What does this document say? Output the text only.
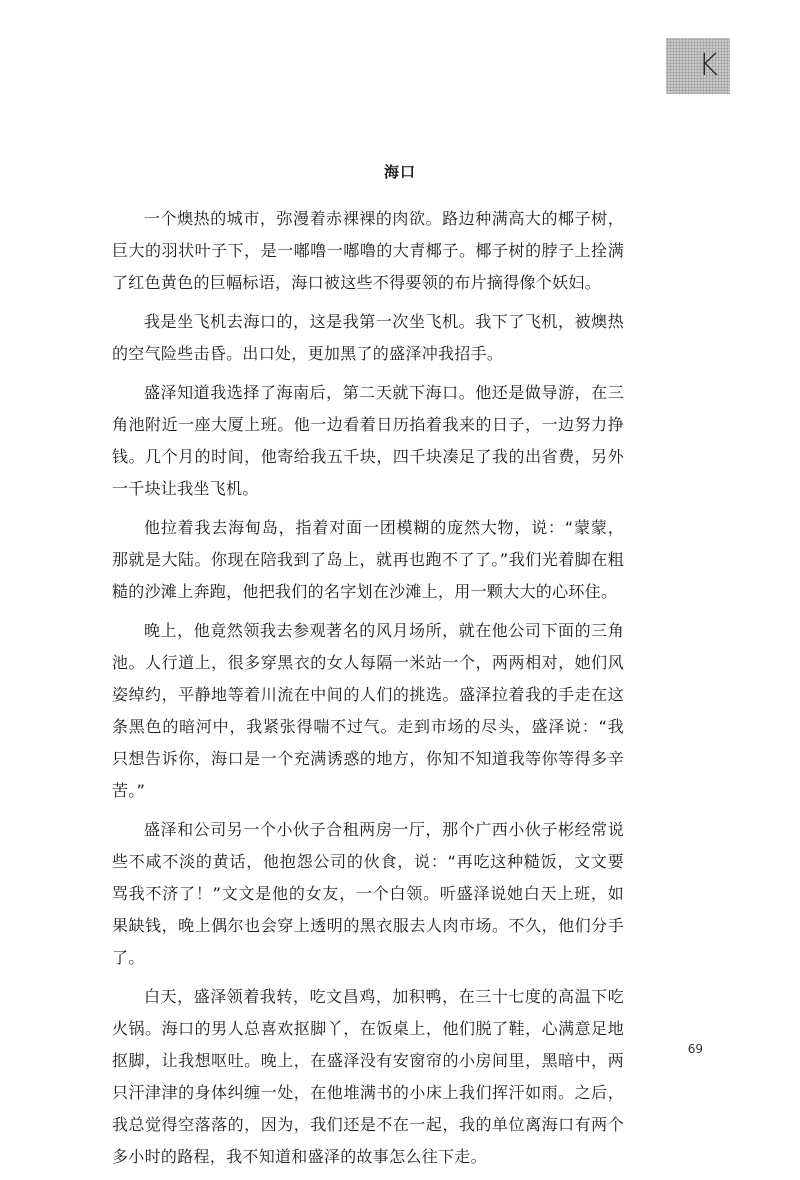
K
海口

一个燠热的城市，弥漫着赤裸裸的肉欲。路边种满高大的椰子树，巨大的羽状叶子下，是一嘟噜一嘟噜的大青椰子。椰子树的脖子上拴满了红色黄色的巨幅标语，海口被这些不得要领的布片摘得像个妖妇。

我是坐飞机去海口的，这是我第一次坐飞机。我下了飞机，被燠热的空气险些击昏。出口处，更加黑了的盛泽冲我招手。

盛泽知道我选择了海南后，第二天就下海口。他还是做导游，在三角池附近一座大厦上班。他一边看着日历掐着我来的日子，一边努力挣钱。几个月的时间，他寄给我五千块，四千块凑足了我的出省费，另外一千块让我坐飞机。

他拉着我去海甸岛，指着对面一团模糊的庞然大物，说：“蒙蒙，那就是大陆。你现在陪我到了岛上，就再也跑不了了。”我们光着脚在粗糙的沙滩上奔跑，他把我们的名字划在沙滩上，用一颗大大的心环住。

晚上，他竟然领我去参观著名的风月场所，就在他公司下面的三角池。人行道上，很多穿黑衣的女人每隔一米站一个，两两相对，她们风姿绰约，平静地等着川流在中间的人们的挑选。盛泽拉着我的手走在这条黑色的暗河中，我紧张得喘不过气。走到市场的尽头，盛泽说：“我只想告诉你，海口是一个充满诱惑的地方，你知不知道我等你等得多辛苦。”

盛泽和公司另一个小伙子合租两房一厅，那个广西小伙子彬经常说些不咸不淡的黄话，他抱怨公司的伙食，说：“再吃这种糙饭，文文要骂我不济了！”文文是他的女友，一个白领。听盛泽说她白天上班，如果缺钱，晚上偶尔也会穿上透明的黑衣服去人肉市场。不久，他们分手了。

白天，盛泽领着我转，吃文昌鸡，加积鸭，在三十七度的高温下吃火锅。海口的男人总喜欢抠脚丫，在饭桌上，他们脱了鞋，心满意足地抠脚，让我想呕吐。晚上，在盛泽没有安窗帘的小房间里，黑暗中，两只汗津津的身体纠缠一处，在他堆满书的小床上我们挥汗如雨。之后，我总觉得空落落的，因为，我们还是不在一起，我的单位离海口有两个多小时的路程，我不知道和盛泽的故事怎么往下走。

69
